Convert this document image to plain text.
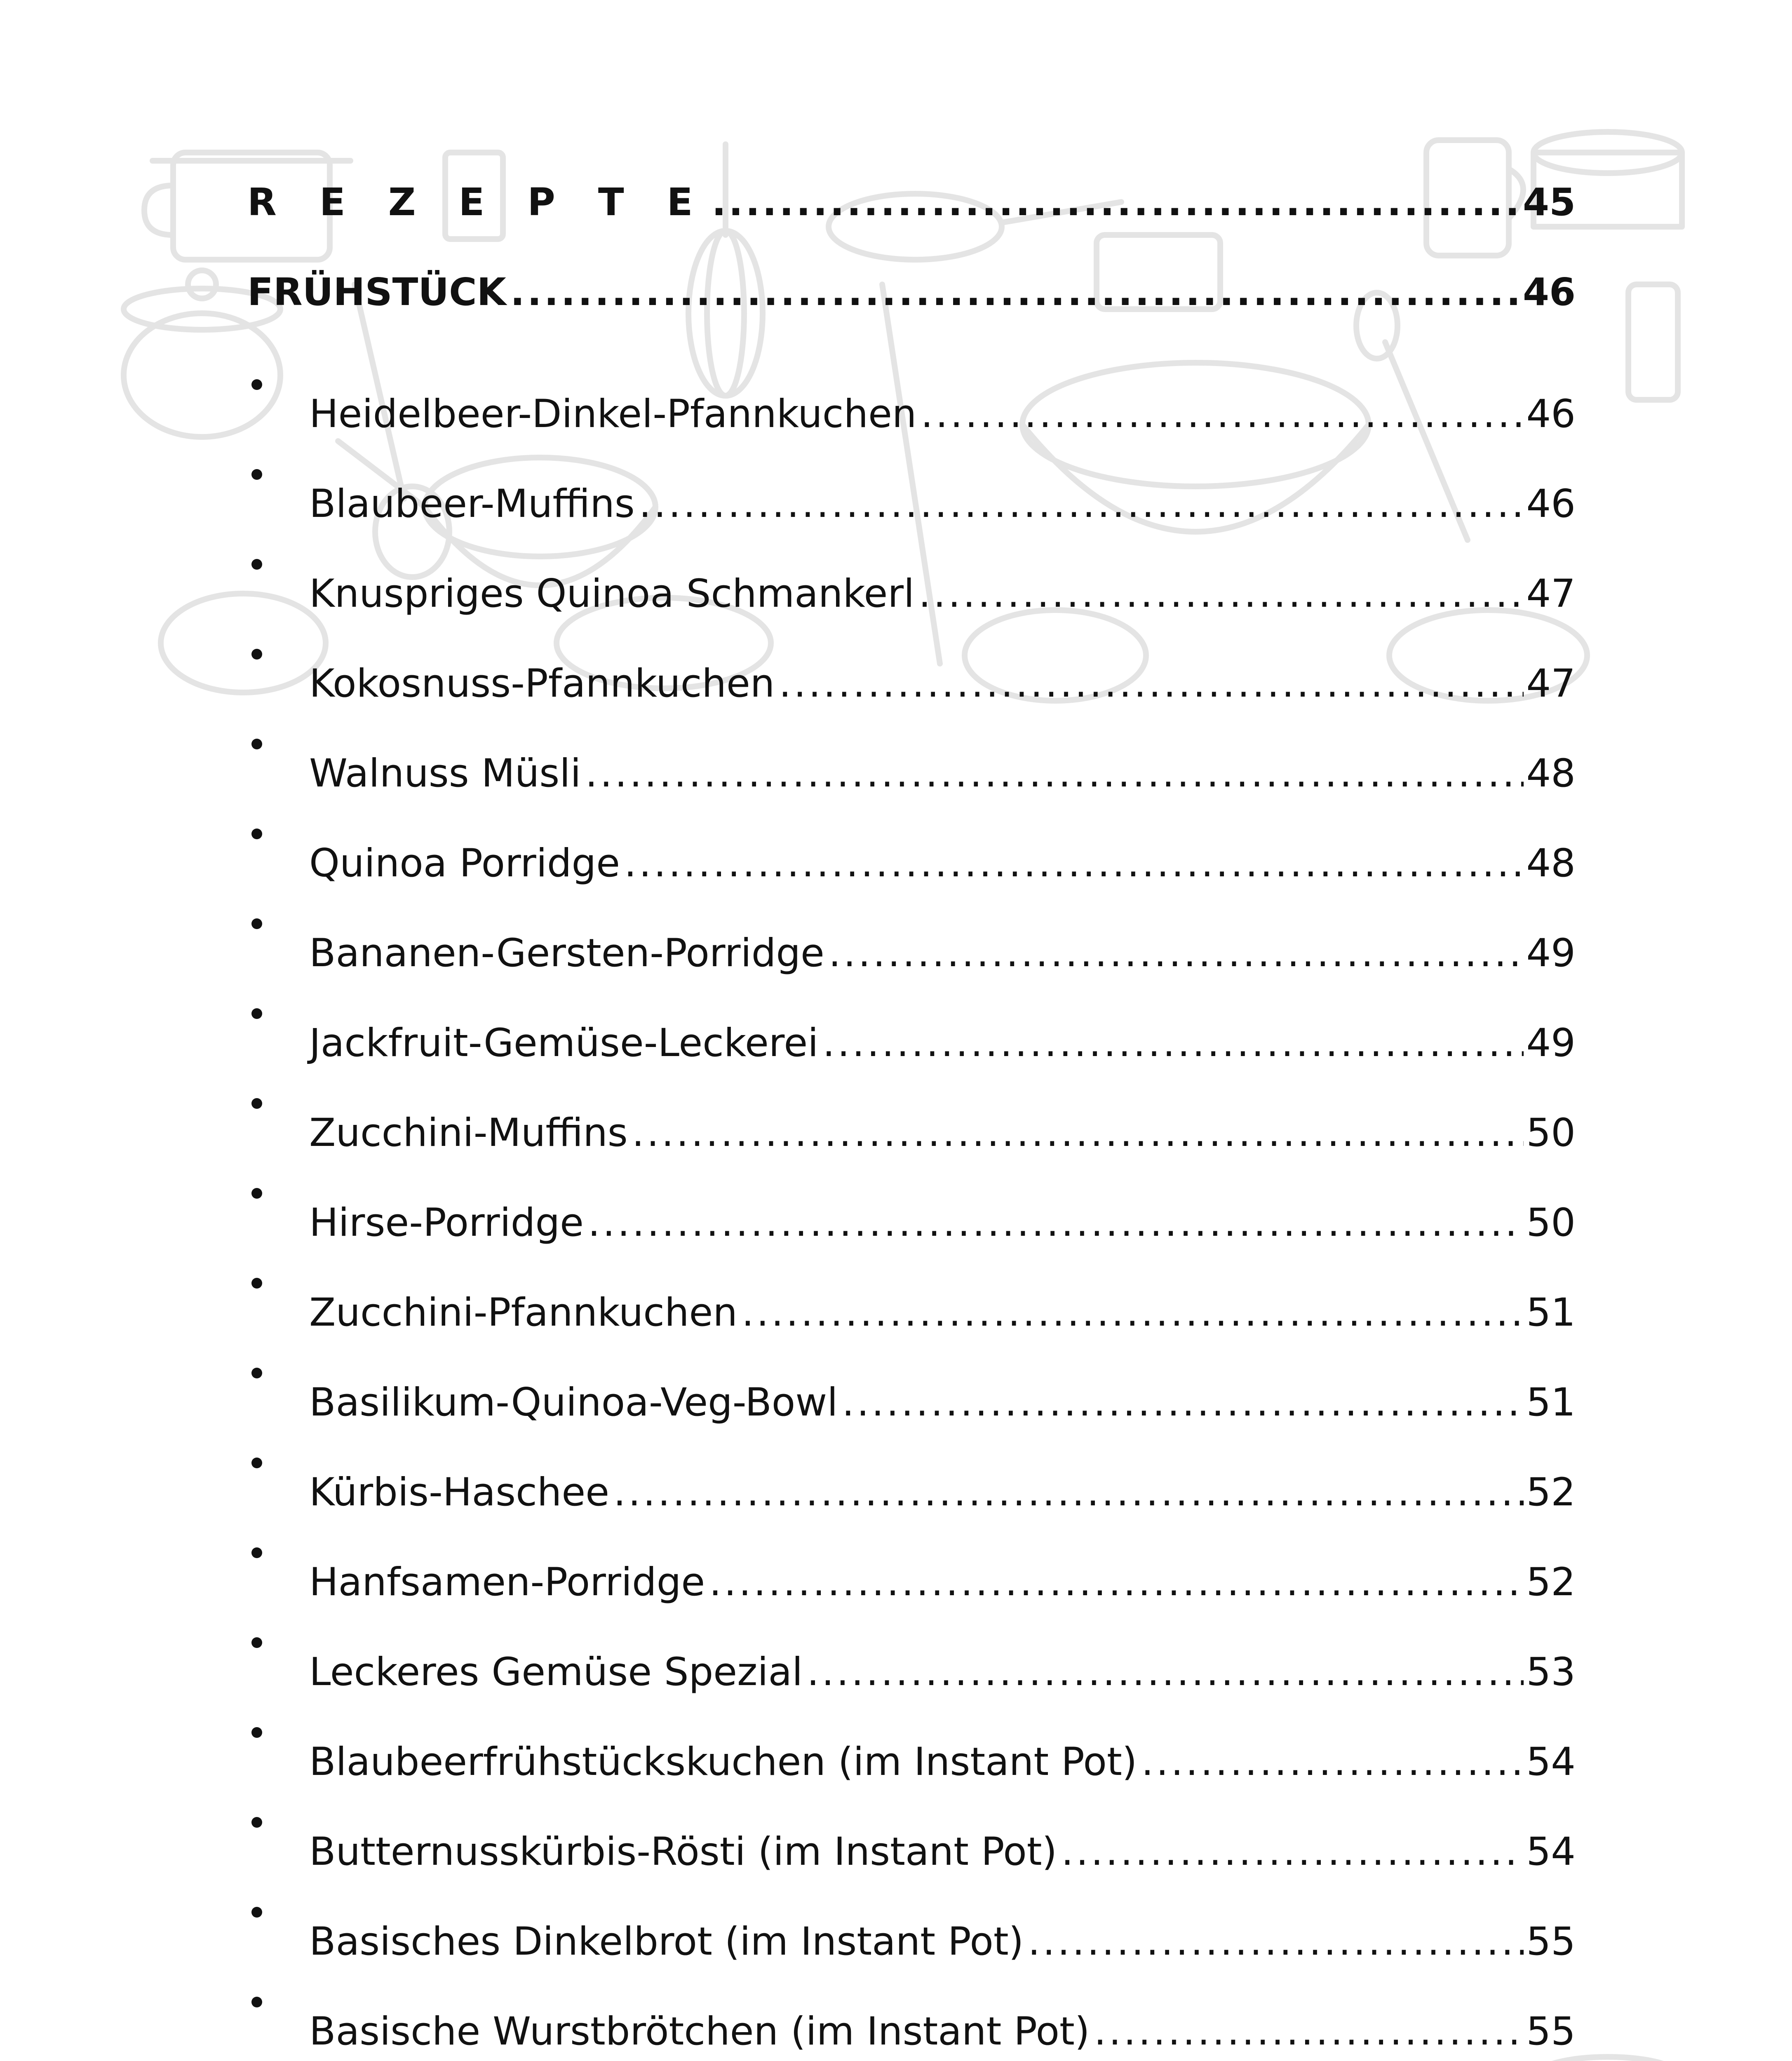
R E Z E P T E .....	45
FRÜHSTÜCK .....	46
Heidelbeer-Dinkel-Pfannkuchen .....	46
Blaubeer-Muffins .....	46
Knuspriges Quinoa Schmankerl .....	47
Kokosnuss-Pfannkuchen .....	47
Walnuss Müsli .....	48
Quinoa Porridge .....	48
Bananen-Gersten-Porridge .....	49
Jackfruit-Gemüse-Leckerei .....	49
Zucchini-Muffins .....	50
Hirse-Porridge .....	50
Zucchini-Pfannkuchen .....	51
Basilikum-Quinoa-Veg-Bowl .....	51
Kürbis-Haschee .....	52
Hanfsamen-Porridge .....	52
Leckeres Gemüse Spezial .....	53
Blaubeerfrühstückskuchen (im Instant Pot) .....	54
Butternusskürbis-Rösti (im Instant Pot) .....	54
Basisches Dinkelbrot (im Instant Pot) .....	55
Basische Wurstbrötchen (im Instant Pot) .....	55
